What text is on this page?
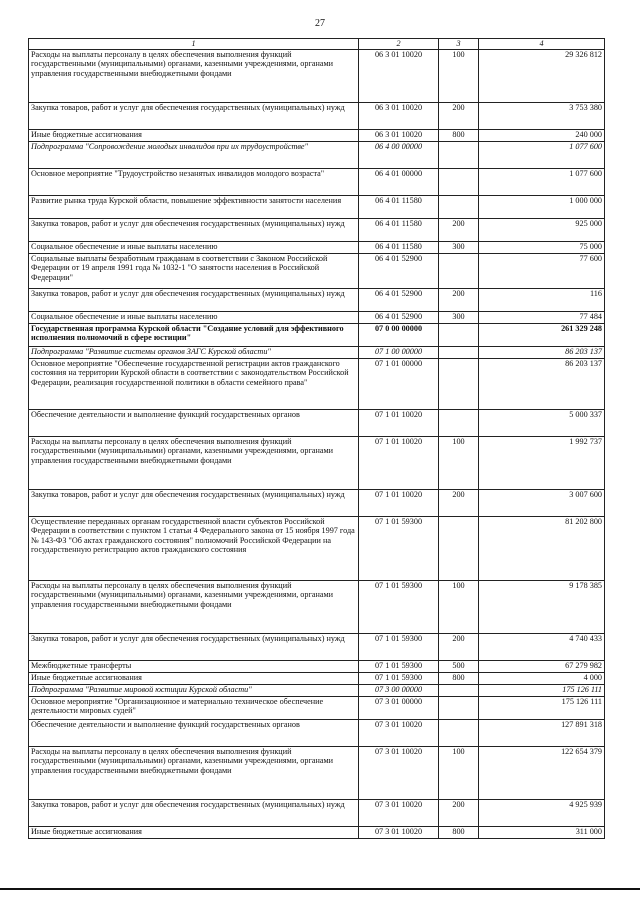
27
1	2	3	4
Расходы на выплаты персоналу в целях обеспечения выполнения функций государственными (муниципальными) органами, казенными учреждениями, органами управления государственными внебюджетными фондами	06 3 01 10020	100	29 326 812
Закупка товаров, работ и услуг для обеспечения государственных (муниципальных) нужд	06 3 01 10020	200	3 753 380
Иные бюджетные ассигнования	06 3 01 10020	800	240 000
Подпрограмма "Сопровождение молодых инвалидов при их трудоустройстве"	06 4 00 00000		1 077 600
Основное мероприятие "Трудоустройство незанятых инвалидов молодого возраста"	06 4 01 00000		1 077 600
Развитие рынка труда Курской области, повышение эффективности занятости населения	06 4 01 11580		1 000 000
Закупка товаров, работ и услуг для обеспечения государственных (муниципальных) нужд	06 4 01 11580	200	925 000
Социальное обеспечение и иные выплаты населению	06 4 01 11580	300	75 000
Социальные выплаты безработным гражданам в соответствии с Законом Российской Федерации от 19 апреля 1991 года № 1032-1 "О занятости населения в Российской Федерации"	06 4 01 52900		77 600
Закупка товаров, работ и услуг для обеспечения государственных (муниципальных) нужд	06 4 01 52900	200	116
Социальное обеспечение и иные выплаты населению	06 4 01 52900	300	77 484
Государственная программа Курской области "Создание условий для эффективного исполнения полномочий в сфере юстиции"	07 0 00 00000		261 329 248
Подпрограмма "Развитие системы органов ЗАГС Курской области"	07 1 00 00000		86 203 137
Основное мероприятие "Обеспечение государственной регистрации актов гражданского состояния на территории Курской области в соответствии с законодательством Российской Федерации, реализация государственной политики в области семейного права"	07 1 01 00000		86 203 137
Обеспечение деятельности и выполнение функций государственных органов	07 1 01 10020		5 000 337
Расходы на выплаты персоналу в целях обеспечения выполнения функций государственными (муниципальными) органами, казенными учреждениями, органами управления государственными внебюджетными фондами	07 1 01 10020	100	1 992 737
Закупка товаров, работ и услуг для обеспечения государственных (муниципальных) нужд	07 1 01 10020	200	3 007 600
Осуществление переданных органам государственной власти субъектов Российской Федерации в соответствии с пунктом 1 статьи 4 Федерального закона от 15 ноября 1997 года № 143-ФЗ "Об актах гражданского состояния" полномочий Российской Федерации на государственную регистрацию актов гражданского состояния	07 1 01 59300		81 202 800
Расходы на выплаты персоналу в целях обеспечения выполнения функций государственными (муниципальными) органами, казенными учреждениями, органами управления государственными внебюджетными фондами	07 1 01 59300	100	9 178 385
Закупка товаров, работ и услуг для обеспечения государственных (муниципальных) нужд	07 1 01 59300	200	4 740 433
Межбюджетные трансферты	07 1 01 59300	500	67 279 982
Иные бюджетные ассигнования	07 1 01 59300	800	4 000
Подпрограмма "Развитие мировой юстиции Курской области"	07 3 00 00000		175 126 111
Основное мероприятие "Организационное и материально техническое обеспечение деятельности мировых судей"	07 3 01 00000		175 126 111
Обеспечение деятельности и выполнение функций государственных органов	07 3 01 10020		127 891 318
Расходы на выплаты персоналу в целях обеспечения выполнения функций государственными (муниципальными) органами, казенными учреждениями, органами управления государственными внебюджетными фондами	07 3 01 10020	100	122 654 379
Закупка товаров, работ и услуг для обеспечения государственных (муниципальных) нужд	07 3 01 10020	200	4 925 939
Иные бюджетные ассигнования	07 3 01 10020	800	311 000
